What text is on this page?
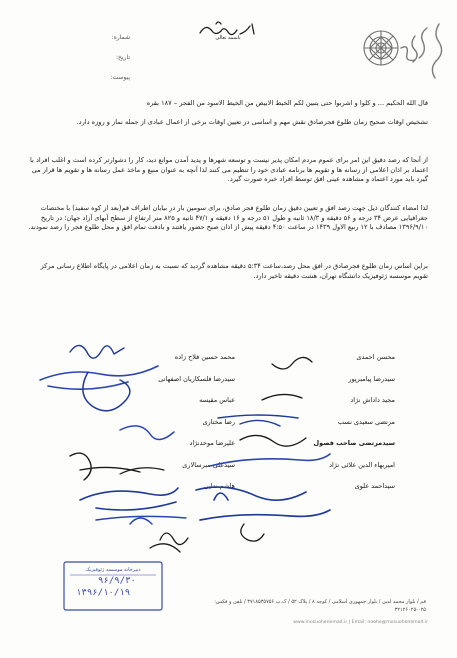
باسمه تعالی
شماره:
تاریخ:
پیوست:
قال الله الحکیم ... و کلوا و اشربوا حتی یتبین لکم الخیط الابیض من الخیط الاسود من الفجر – ۱۸۷ بقره
تشخیص اوقات صحیح زمان طلوع فجرصادق نقش مهم و اساسی در تعیین اوقات برخی از اعمال عبادی از جمله نماز و روزه دارد.
از آنجا که رصد دقیق این امر برای عموم مردم امکان پذیر نیست و توسعه شهرها و پدید آمدن موانع دید، کار را دشوارتر کرده است و اغلب افراد با اعتماد بر اذان اعلامی از رسانه ها و تقویم ها برنامه عبادی خود را تنظیم می کنند لذا آنچه به عنوان منبع و ماخذ عمل رسانه ها و تقویم ها قرار می گیرد باید مورد اعتماد و مشاهده عینی افق توسط افراد خبره صورت گیرد.
لذا امضاء کنندگان ذیل جهت رصد افق و تعیین دقیق زمان طلوع فجر صادق، برای سومین بار در بیابان اطراف قم(بعد از کوه سفید) با مختصات جغرافیایی عرض ۳۴ درجه و ۵۶ دقیقه و ۱۸/۳ ثانیه و طول ۵۱ درجه و ۱۶ دقیقه و ۴۷/۱ ثانیه و ۸۲۵ متر ارتفاع از سطح آبهای آزاد جهان؛ در تاریخ ۱۳۹۶/۹/۱۰ مصادف با ۱۲ ربیع الاول ۱۴۳۹ در ساعت ۴:۵۰ دقیقه پیش از اذان صبح حضور یافتند و بادقت تمام افق و محل طلوع فجر را رصد نمودند.
براین اساس زمان طلوع فجرصادق در افق محل رصد،ساعت ۵:۳۴ دقیقه مشاهده گردید که نسبت به زمان اعلامی در پایگاه اطلاع رسانی مرکز تقویم موسسه ژئوفیزیک دانشگاه تهران، هشت دقیقه تاخیر دارد.
محسن احمدی
سیدرضا پیامبرپور
مجید داداش نژاد
مرتضی سعیدی نسب
سیدمرتضی صاحب فصول
امیربهاء الدین علائی نژاد
سیداحمد علوی
محمد حسین فلاح زاده
سیدرضا فلسکاریان اصفهانی
عباس مقیسه
رضا مختاری
علیرضا موحدنژاد
سیدعلی میرسالاری
هاشم ندایی
دبیرخانه موسسه ژئوفیزیک
۹۶/۹/۳۰
۱۳۹۶/۱۰/۱۹
قم / بلوار محمد امین / بلوار جمهوری اسلامی / کوچه ۸ / پلاک ۵۲ / ک.پ ۳۷۱۸۵۳۵۷۵۶ / تلفن و فکس: ۰۲۵-۳۲۱۲۶۰۲۵
www.mosuohenemad.ir | Email: noohe@mosuohenemad.ir
